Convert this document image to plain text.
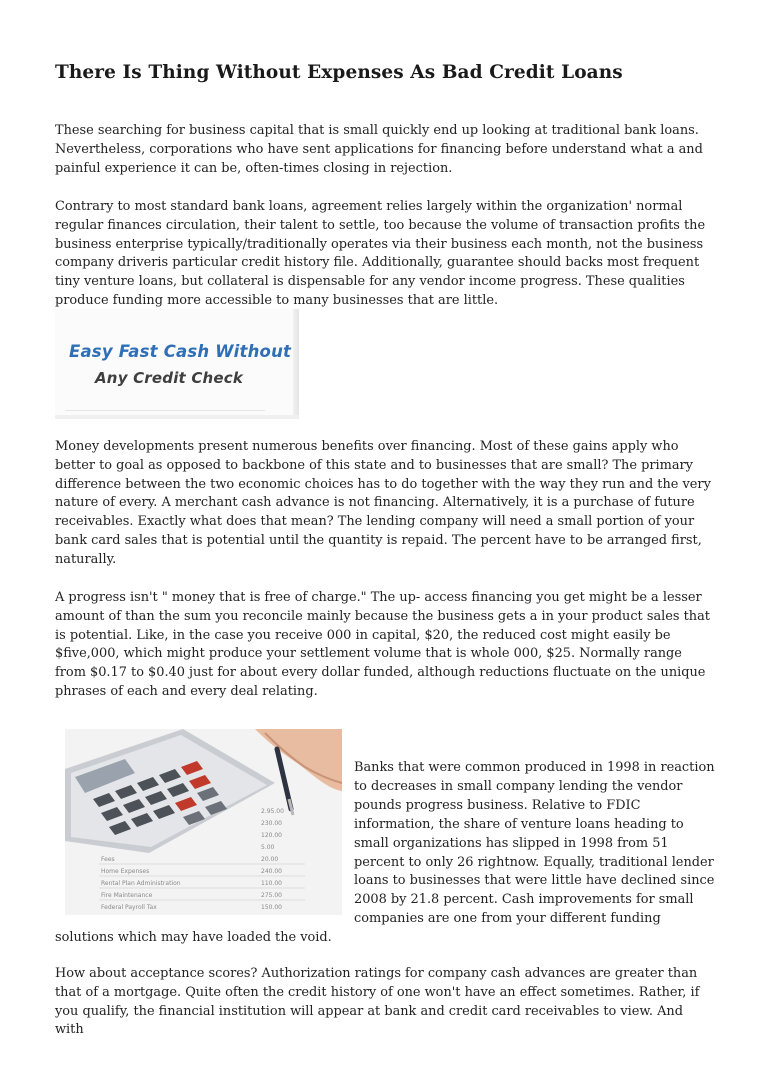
There Is Thing Without Expenses As Bad Credit Loans

These searching for business capital that is small quickly end up looking at traditional bank loans. Nevertheless, corporations who have sent applications for financing before understand what a and painful experience it can be, often-times closing in rejection.

Contrary to most standard bank loans, agreement relies largely within the organization' normal regular finances circulation, their talent to settle, too because the volume of transaction profits the business enterprise typically/traditionally operates via their business each month, not the business company driveris particular credit history file. Additionally, guarantee should backs most frequent tiny venture loans, but collateral is dispensable for any vendor income progress. These qualities produce funding more accessible to many businesses that are little.

Easy Fast Cash Without
Any Credit Check

Money developments present numerous benefits over financing. Most of these gains apply who better to goal as opposed to backbone of this state and to businesses that are small? The primary difference between the two economic choices has to do together with the way they run and the very nature of every. A merchant cash advance is not financing. Alternatively, it is a purchase of future receivables. Exactly what does that mean? The lending company will need a small portion of your bank card sales that is potential until the quantity is repaid. The percent have to be arranged first, naturally.

A progress isn't " money that is free of charge." The up- access financing you get might be a lesser amount of than the sum you reconcile mainly because the business gets a in your product sales that is potential. Like, in the case you receive 000 in capital, $20, the reduced cost might easily be $five,000, which might produce your settlement volume that is whole 000, $25. Normally range from $0.17 to $0.40 just for about every dollar funded, although reductions fluctuate on the unique phrases of each and every deal relating.

Fees
Home Expenses
Rental Plan Administration
Fire Maintenance
Federal Payroll Tax
2.95.00
230.00
120.00
5.00
20.00
240.00
110.00
275.00
150.00

Banks that were common produced in 1998 in reaction to decreases in small company lending the vendor pounds progress business. Relative to FDIC information, the share of venture loans heading to small organizations has slipped in 1998 from 51 percent to only 26 rightnow. Equally, traditional lender loans to businesses that were little have declined since 2008 by 21.8 percent. Cash improvements for small companies are one from your different funding

solutions which may have loaded the void.

How about acceptance scores? Authorization ratings for company cash advances are greater than that of a mortgage. Quite often the credit history of one won't have an effect sometimes. Rather, if you qualify, the financial institution will appear at bank and credit card receivables to view. And with
